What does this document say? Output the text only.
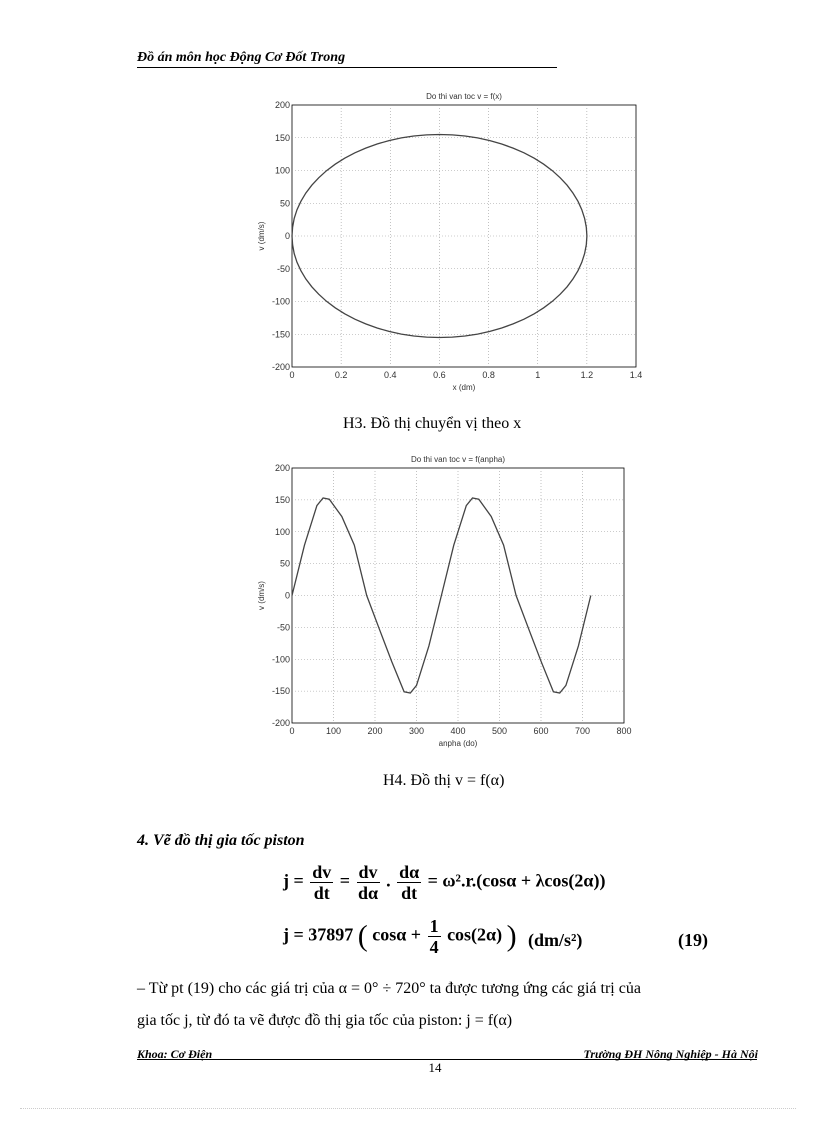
Đồ án môn học Động Cơ Đốt Trong
0	0.2	0.4	0.6	0.8	1	1.2	1.4
200
150
100
50
0
-50
-100
-150
-200
Do thi van toc v = f(x)
x (dm)
v (dm/s)
H3. Đồ thị chuyển vị theo x
0	100	200	300	400	500	600	700	800
200
150
100
50
0
-50
-100
-150
-200
Do thi van toc v = f(anpha)
anpha (do)
v (dm/s)
H4. Đồ thị v = f(α)
4. Vẽ đồ thị gia tốc piston
$j = \frac{dv}{dt} = \frac{dv}{d\alpha}$ . $\frac{d\alpha}{dt} = \omega^2.r.(\cos\alpha + \lambda\cos(2\alpha))$
j = 37897 ( $\cos\alpha + \frac{1}{4} \cos(2\alpha)$ ) (dm/s²)	(19)
– Từ pt (19) cho các giá trị của α = 0° ÷ 720° ta được tương ứng các giá trị của
gia tốc j, từ đó ta vẽ được đồ thị gia tốc của piston: j = f(α)
Khoa: Cơ Điện	Trường ĐH Nông Nghiệp - Hà Nội
14
